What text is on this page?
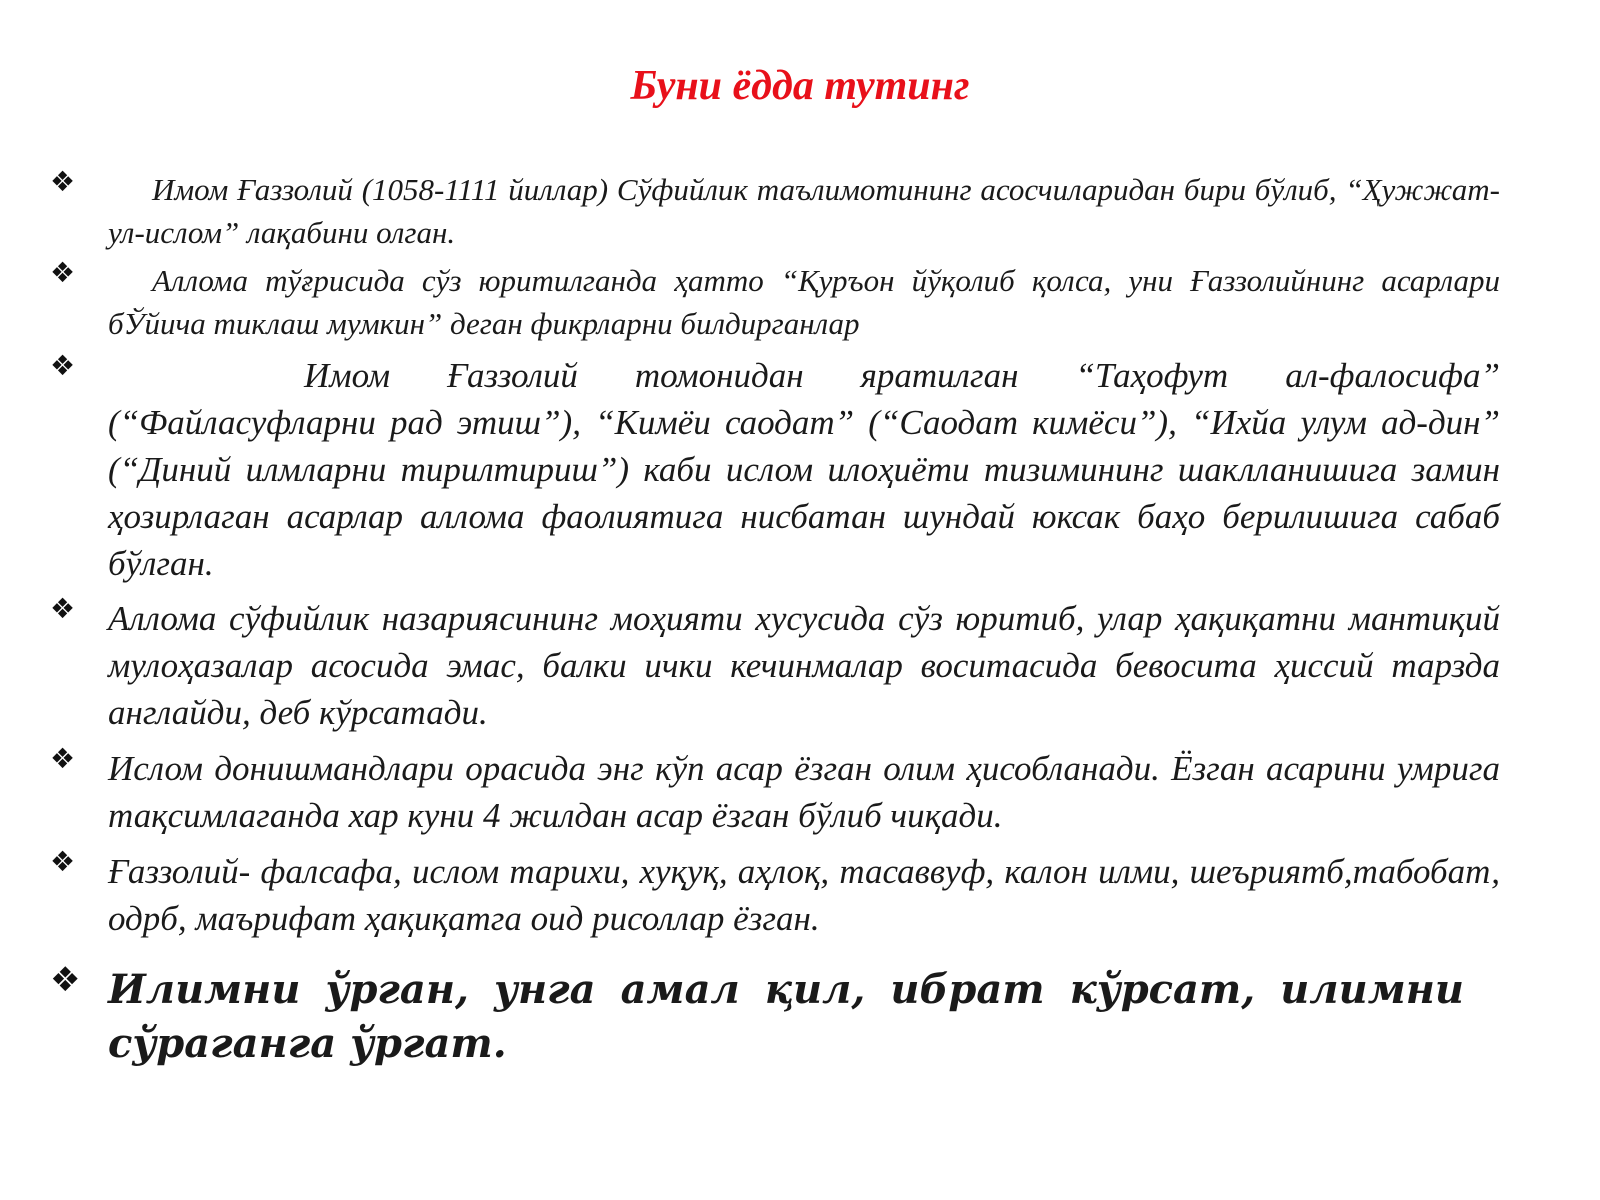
Буни ёдда тутинг
❖	Имом Ғаззолий (1058-1111 йиллар) Сўфийлик таълимотининг асосчиларидан бири бўлиб, “Ҳужжат-ул-ислом” лақабини олган.

❖	Аллома тўғрисида сўз юритилганда ҳатто “Қуръон йўқолиб қолса, уни Ғаззолийнинг асарлари бЎйича тиклаш мумкин” деган фикрларни билдирганлар

❖	Имом Ғаззолий томонидан яратилган “Таҳофут ал-фалосифа” (“Файласуфларни рад этиш”), “Кимёи саодат” (“Саодат кимёси”), “Ихйа улум ад-дин” (“Диний илмларни тирилтириш”) каби ислом илоҳиёти тизимининг шаклланишига замин ҳозирлаган асарлар аллома фаолиятига нисбатан шундай юксак баҳо берилишига сабаб бўлган.

❖ Аллома сўфийлик назариясининг моҳияти хусусида сўз юритиб, улар ҳақиқатни мантиқий мулоҳазалар асосида эмас, балки ички кечинмалар воситасида бевосита ҳиссий тарзда англайди, деб кўрсатади.

❖ Ислом донишмандлари орасида энг кўп асар ёзган олим ҳисобланади. Ёзган асарини умрига тақсимлаганда хар куни 4 жилдан асар ёзган бўлиб чиқади.

❖ Ғаззолий- фалсафа, ислом тарихи, хуқуқ, аҳлоқ, тасаввуф, калон илми, шеъриятб,табобат, одрб, маърифат ҳақиқатга оид рисоллар ёзган.

❖ Илимни ўрган, унга амал қил, ибрат кўрсат, илимни сўраганга ўргат.
